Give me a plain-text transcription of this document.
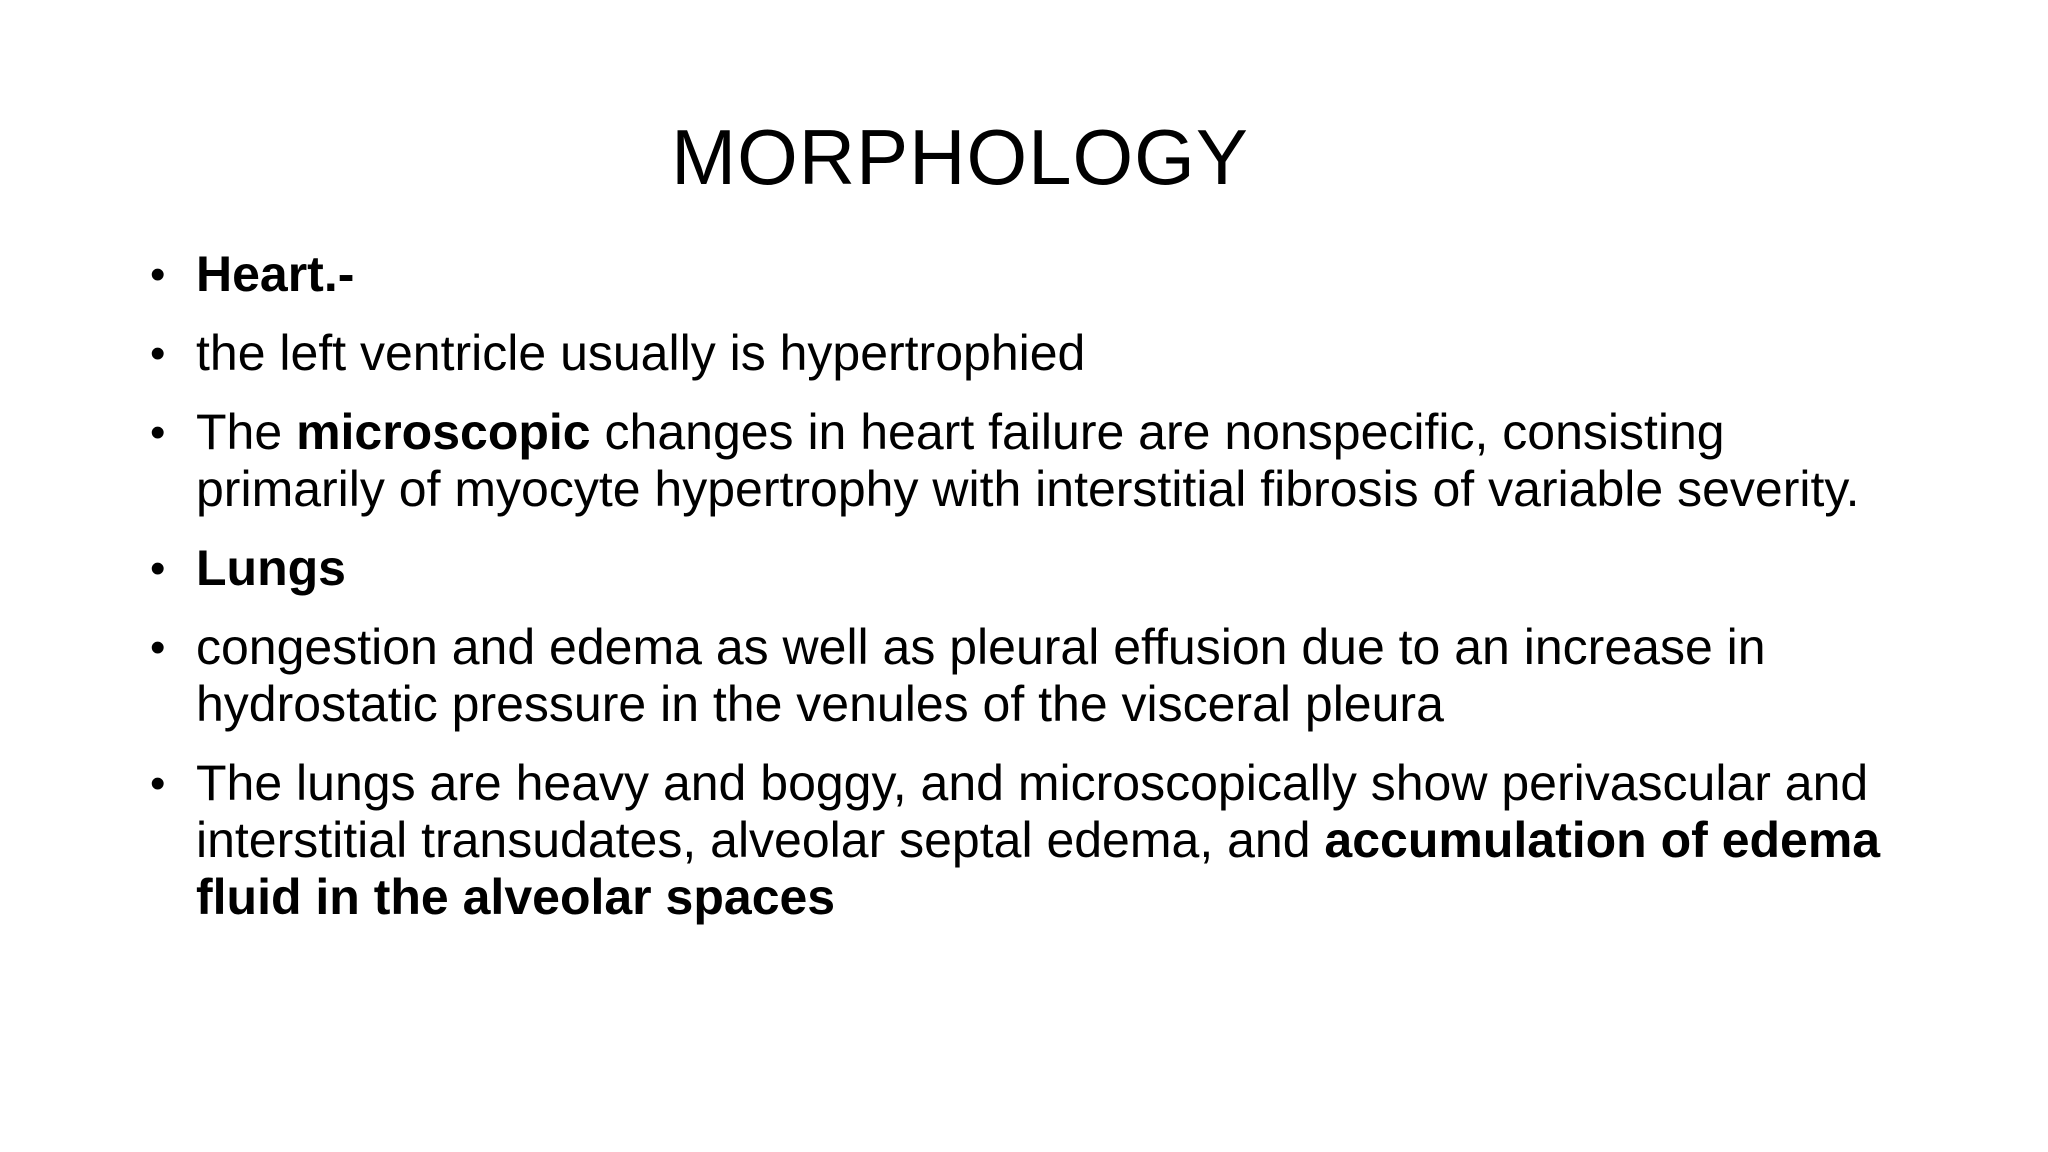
MORPHOLOGY
• Heart.-
• the left ventricle usually is hypertrophied
• The microscopic changes in heart failure are nonspecific, consisting primarily of myocyte hypertrophy with interstitial fibrosis of variable severity.
• Lungs
• congestion and edema as well as pleural effusion due to an increase in hydrostatic pressure in the venules of the visceral pleura
• The lungs are heavy and boggy, and microscopically show perivascular and interstitial transudates, alveolar septal edema, and accumulation of edema fluid in the alveolar spaces
